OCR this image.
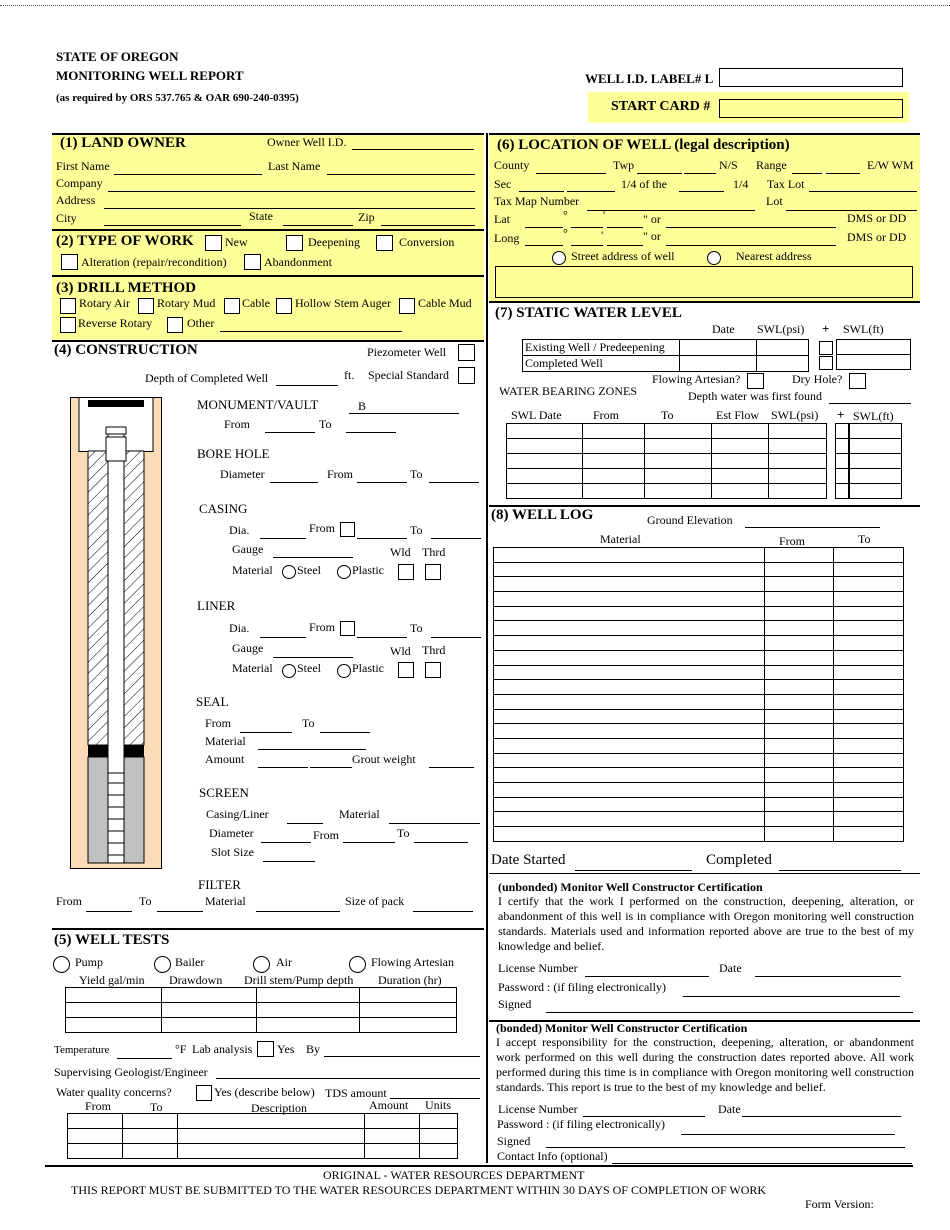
STATE OF OREGON
MONITORING WELL REPORT
(as required by ORS 537.765 & OAR 690-240-0395)
WELL I.D. LABEL# L
START CARD #
(1) LAND OWNER	Owner Well I.D.
First Name	Last Name
Company
Address
City	State	Zip
(2) TYPE OF WORK	New	Deepening	Conversion
Alteration (repair/recondition)	Abandonment
(3) DRILL METHOD
Rotary Air Rotary Mud Cable Hollow Stem Auger Cable Mud
Reverse Rotary	Other
(4) CONSTRUCTION	Piezometer Well
Depth of Completed Well	ft. Special Standard
MONUMENT/VAULT	B
From	To
BORE HOLE
Diameter	From	To
CASING
Dia.	From	To
Gauge	Wld Thrd
Material Steel	Plastic
LINER
Dia.	From	To
Gauge	Wld Thrd
Material Steel	Plastic
SEAL
From	To
Material
Amount	Grout weight
SCREEN
Casing/Liner	Material
Diameter	From	To
Slot Size
FILTER
From	To	Material	Size of pack
(5) WELL TESTS
Pump	Bailer	Air	Flowing Artesian
Yield gal/min Drawdown Drill stem/Pump depth Duration (hr)

Temperature	°F Lab analysis Yes By
Supervising Geologist/Engineer
Water quality concerns?	Yes (describe below) TDS amount
From	To	Description	Amount Units

(6) LOCATION OF WELL (legal description)
County	Twp	N/S Range	E/W WM
Sec	1/4 of the	1/4 Tax Lot
Tax Map Number	Lot
Lat	°	'	" or	DMS or DD
Long	°	'	" or	DMS or DD
Street address of well	Nearest address
(7) STATIC WATER LEVEL
Date SWL(psi) + SWL(ft)
Existing Well / Predeepening		
Completed Well		

Flowing Artesian?	Dry Hole?
WATER BEARING ZONES	Depth water was first found
SWL Date	From	To	Est Flow SWL(psi) + SWL(ft)

(8) WELL LOG	Ground Elevation
Material	From	To

Date Started	Completed
(unbonded) Monitor Well Constructor Certification
I certify that the work I performed on the construction, deepening, alteration, or abandonment of this well is in compliance with Oregon monitoring well construction standards. Materials used and information reported above are true to the best of my knowledge and belief.
License Number	Date
Password : (if filing electronically)
Signed
(bonded) Monitor Well Constructor Certification
I accept responsibility for the construction, deepening, alteration, or abandonment work performed on this well during the construction dates reported above. All work performed during this time is in compliance with Oregon monitoring well construction standards. This report is true to the best of my knowledge and belief.
License Number	Date
Password : (if filing electronically)
Signed
Contact Info (optional)
ORIGINAL - WATER RESOURCES DEPARTMENT
THIS REPORT MUST BE SUBMITTED TO THE WATER RESOURCES DEPARTMENT WITHIN 30 DAYS OF COMPLETION OF WORK
Form Version:
